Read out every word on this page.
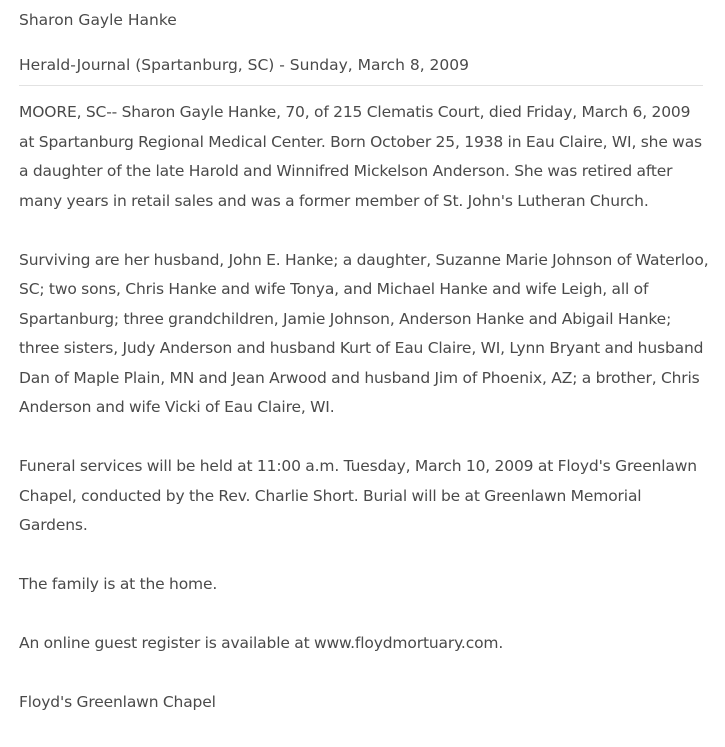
Sharon Gayle Hanke

Herald-Journal (Spartanburg, SC) - Sunday, March 8, 2009

MOORE, SC-- Sharon Gayle Hanke, 70, of 215 Clematis Court, died Friday, March 6, 2009 at Spartanburg Regional Medical Center. Born October 25, 1938 in Eau Claire, WI, she was a daughter of the late Harold and Winnifred Mickelson Anderson. She was retired after many years in retail sales and was a former member of St. John's Lutheran Church.

Surviving are her husband, John E. Hanke; a daughter, Suzanne Marie Johnson of Waterloo, SC; two sons, Chris Hanke and wife Tonya, and Michael Hanke and wife Leigh, all of Spartanburg; three grandchildren, Jamie Johnson, Anderson Hanke and Abigail Hanke; three sisters, Judy Anderson and husband Kurt of Eau Claire, WI, Lynn Bryant and husband Dan of Maple Plain, MN and Jean Arwood and husband Jim of Phoenix, AZ; a brother, Chris Anderson and wife Vicki of Eau Claire, WI.

Funeral services will be held at 11:00 a.m. Tuesday, March 10, 2009 at Floyd's Greenlawn Chapel, conducted by the Rev. Charlie Short. Burial will be at Greenlawn Memorial Gardens.

The family is at the home.

An online guest register is available at www.floydmortuary.com.

Floyd's Greenlawn Chapel
